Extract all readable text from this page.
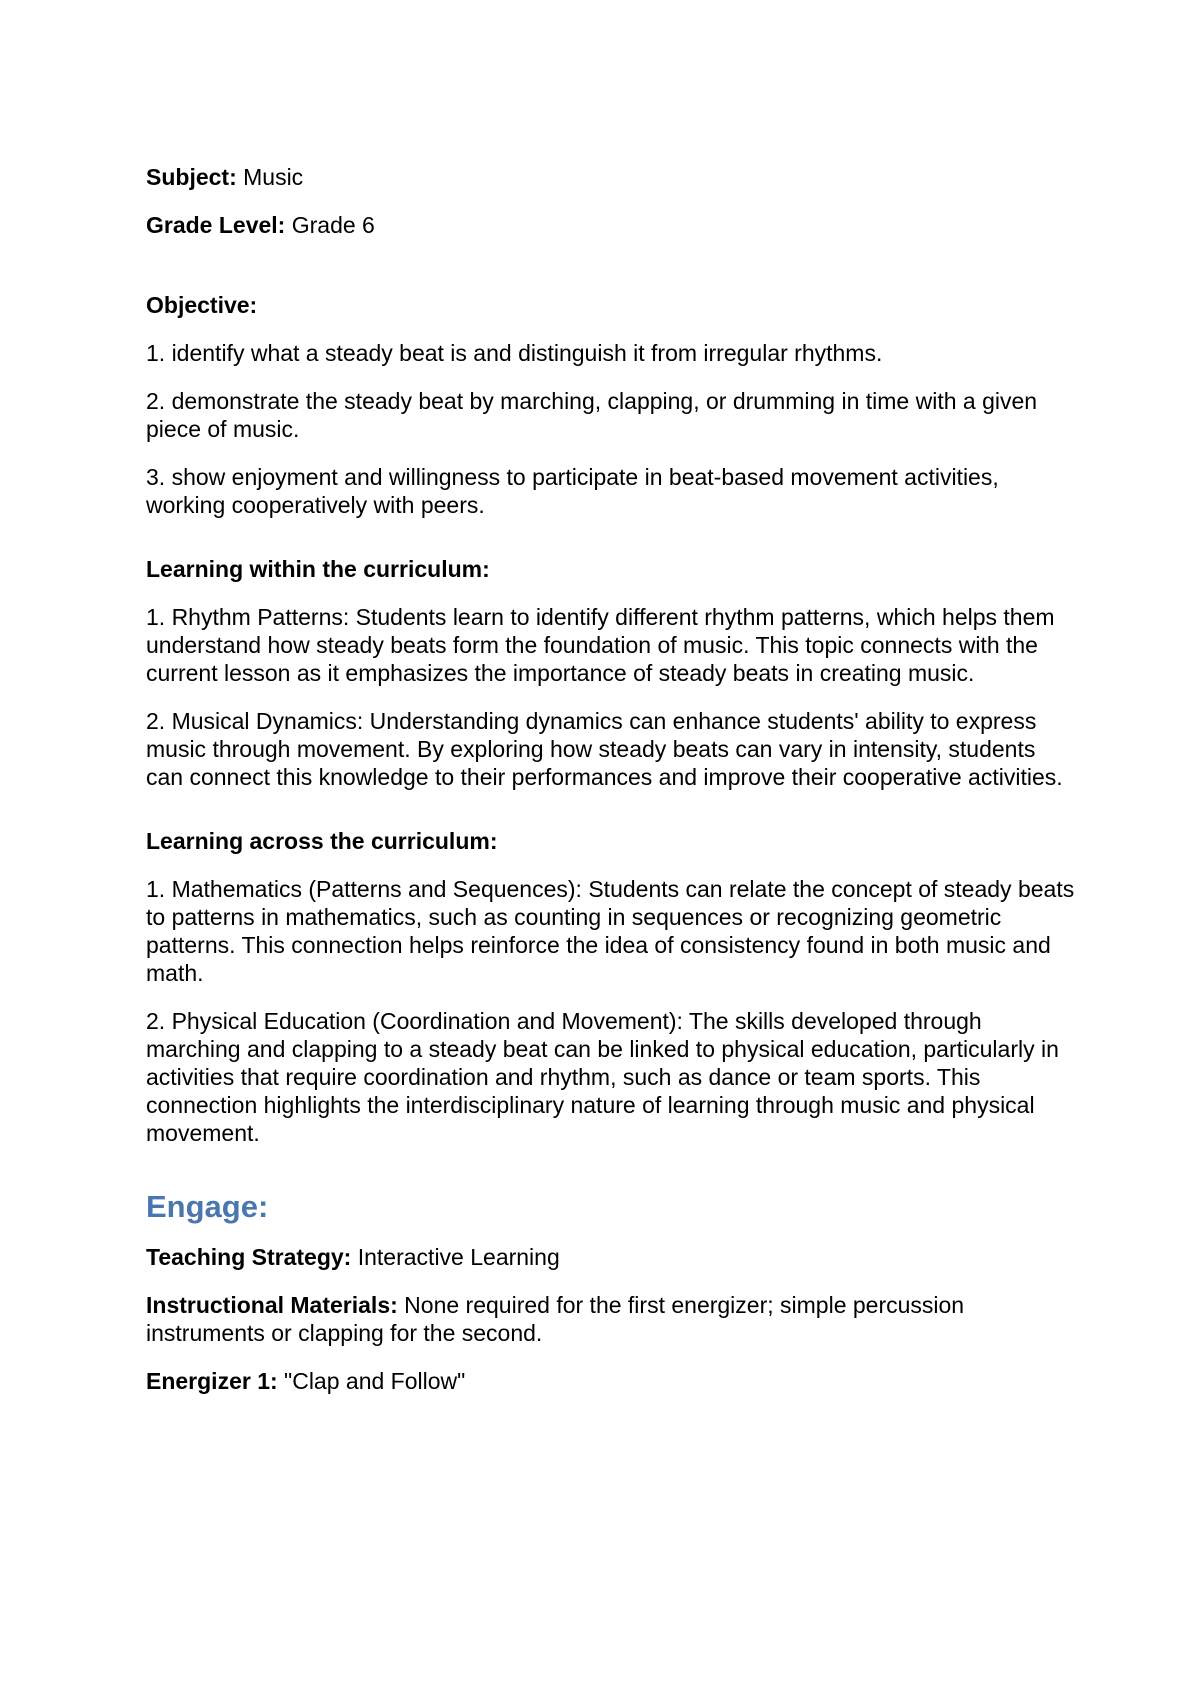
Subject: Music

Grade Level: Grade 6

Objective:

1. identify what a steady beat is and distinguish it from irregular rhythms.

2. demonstrate the steady beat by marching, clapping, or drumming in time with a given piece of music.

3. show enjoyment and willingness to participate in beat-based movement activities, working cooperatively with peers.

Learning within the curriculum:

1. Rhythm Patterns: Students learn to identify different rhythm patterns, which helps them understand how steady beats form the foundation of music. This topic connects with the current lesson as it emphasizes the importance of steady beats in creating music.

2. Musical Dynamics: Understanding dynamics can enhance students' ability to express music through movement. By exploring how steady beats can vary in intensity, students can connect this knowledge to their performances and improve their cooperative activities.

Learning across the curriculum:

1. Mathematics (Patterns and Sequences): Students can relate the concept of steady beats to patterns in mathematics, such as counting in sequences or recognizing geometric patterns. This connection helps reinforce the idea of consistency found in both music and math.

2. Physical Education (Coordination and Movement): The skills developed through marching and clapping to a steady beat can be linked to physical education, particularly in activities that require coordination and rhythm, such as dance or team sports. This connection highlights the interdisciplinary nature of learning through music and physical movement.

Engage:

Teaching Strategy: Interactive Learning

Instructional Materials: None required for the first energizer; simple percussion instruments or clapping for the second.

Energizer 1: "Clap and Follow"
